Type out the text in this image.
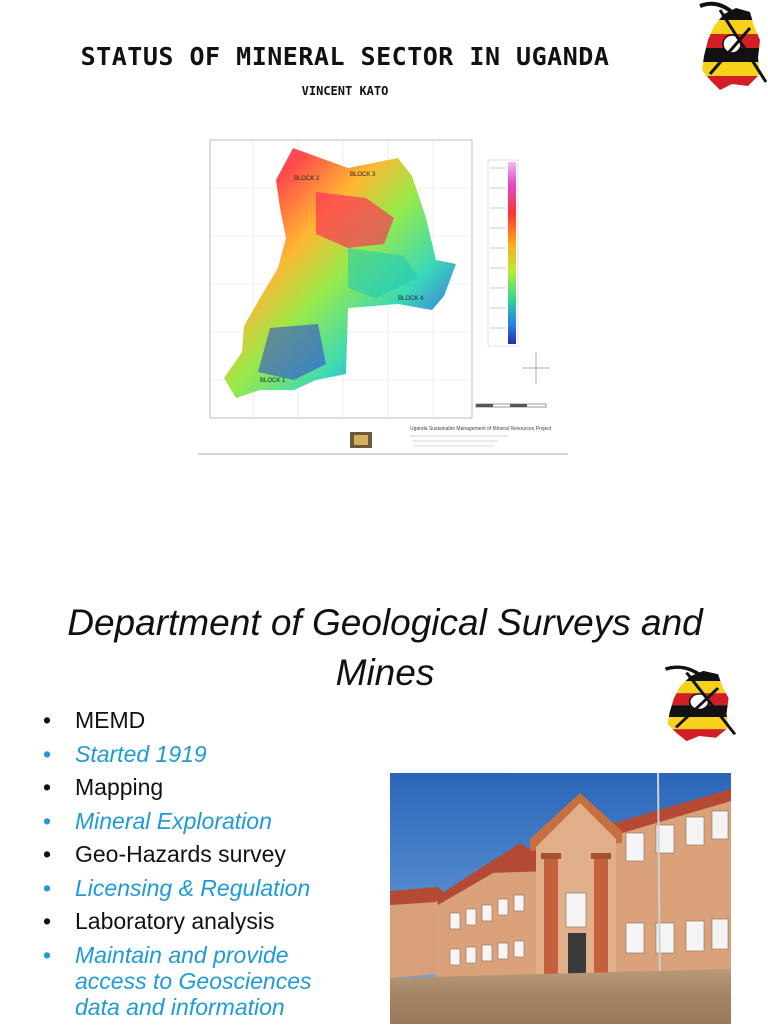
STATUS OF MINERAL SECTOR IN UGANDA
VINCENT KATO
BLOCK 2
BLOCK 3
BLOCK 1
BLOCK 4
Uganda Sustainable Management of Mineral Resources Project
Department of Geological Surveys and Mines
• MEMD
• Started 1919
• Mapping
• Mineral Exploration
• Geo-Hazards survey
• Licensing & Regulation
• Laboratory analysis
• Maintain and provide access to Geosciences data and information
